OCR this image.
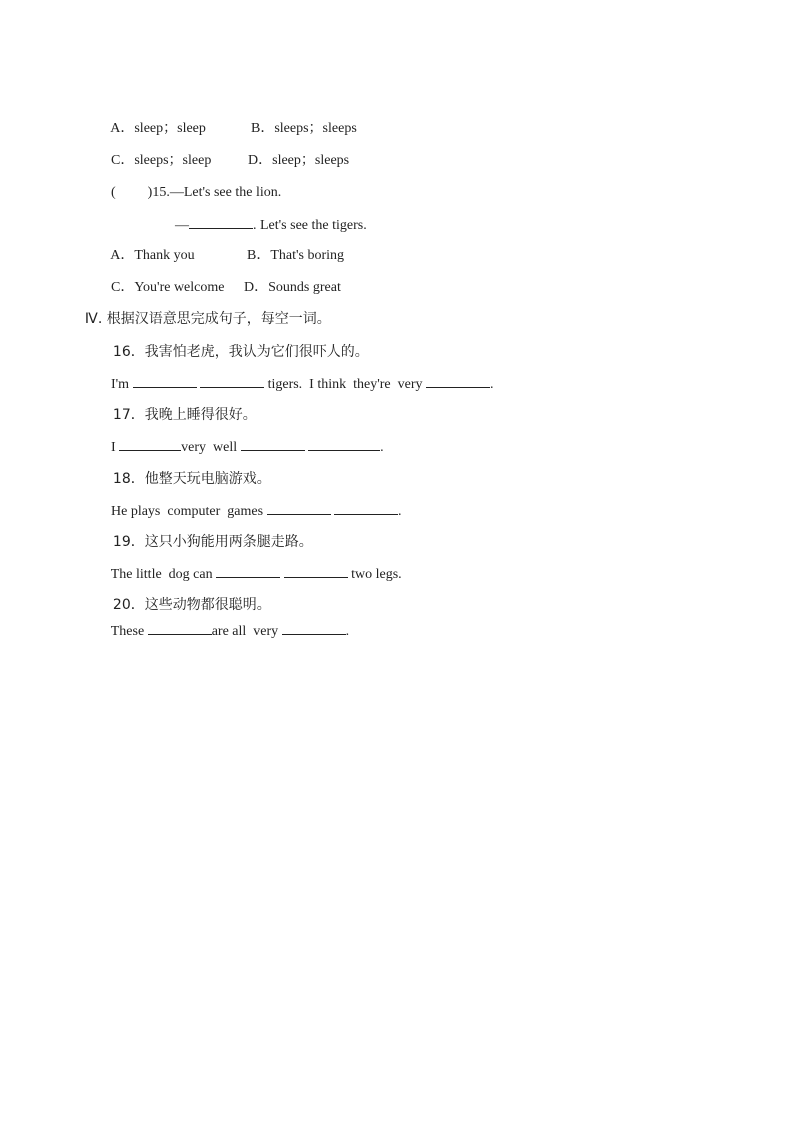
A．sleep；sleep	B．sleeps；sleeps

C．sleeps；sleep	D．sleep；sleeps

( )15.—Let's see the lion.

—	. Let's see the tigers.

A．Thank you	B．That's boring

C．You're welcome	D．Sounds great

Ⅳ. 根据汉语意思完成句子，每空一词。

16．我害怕老虎，我认为它们很吓人的。

I'm	tigers.  I think  they're  very	.

17．我晚上睡得很好。

I	very  well	.

18．他整天玩电脑游戏。

He plays  computer  games	.

19．这只小狗能用两条腿走路。

The little  dog can	two legs.

20．这些动物都很聪明。

These	are all  very	.
